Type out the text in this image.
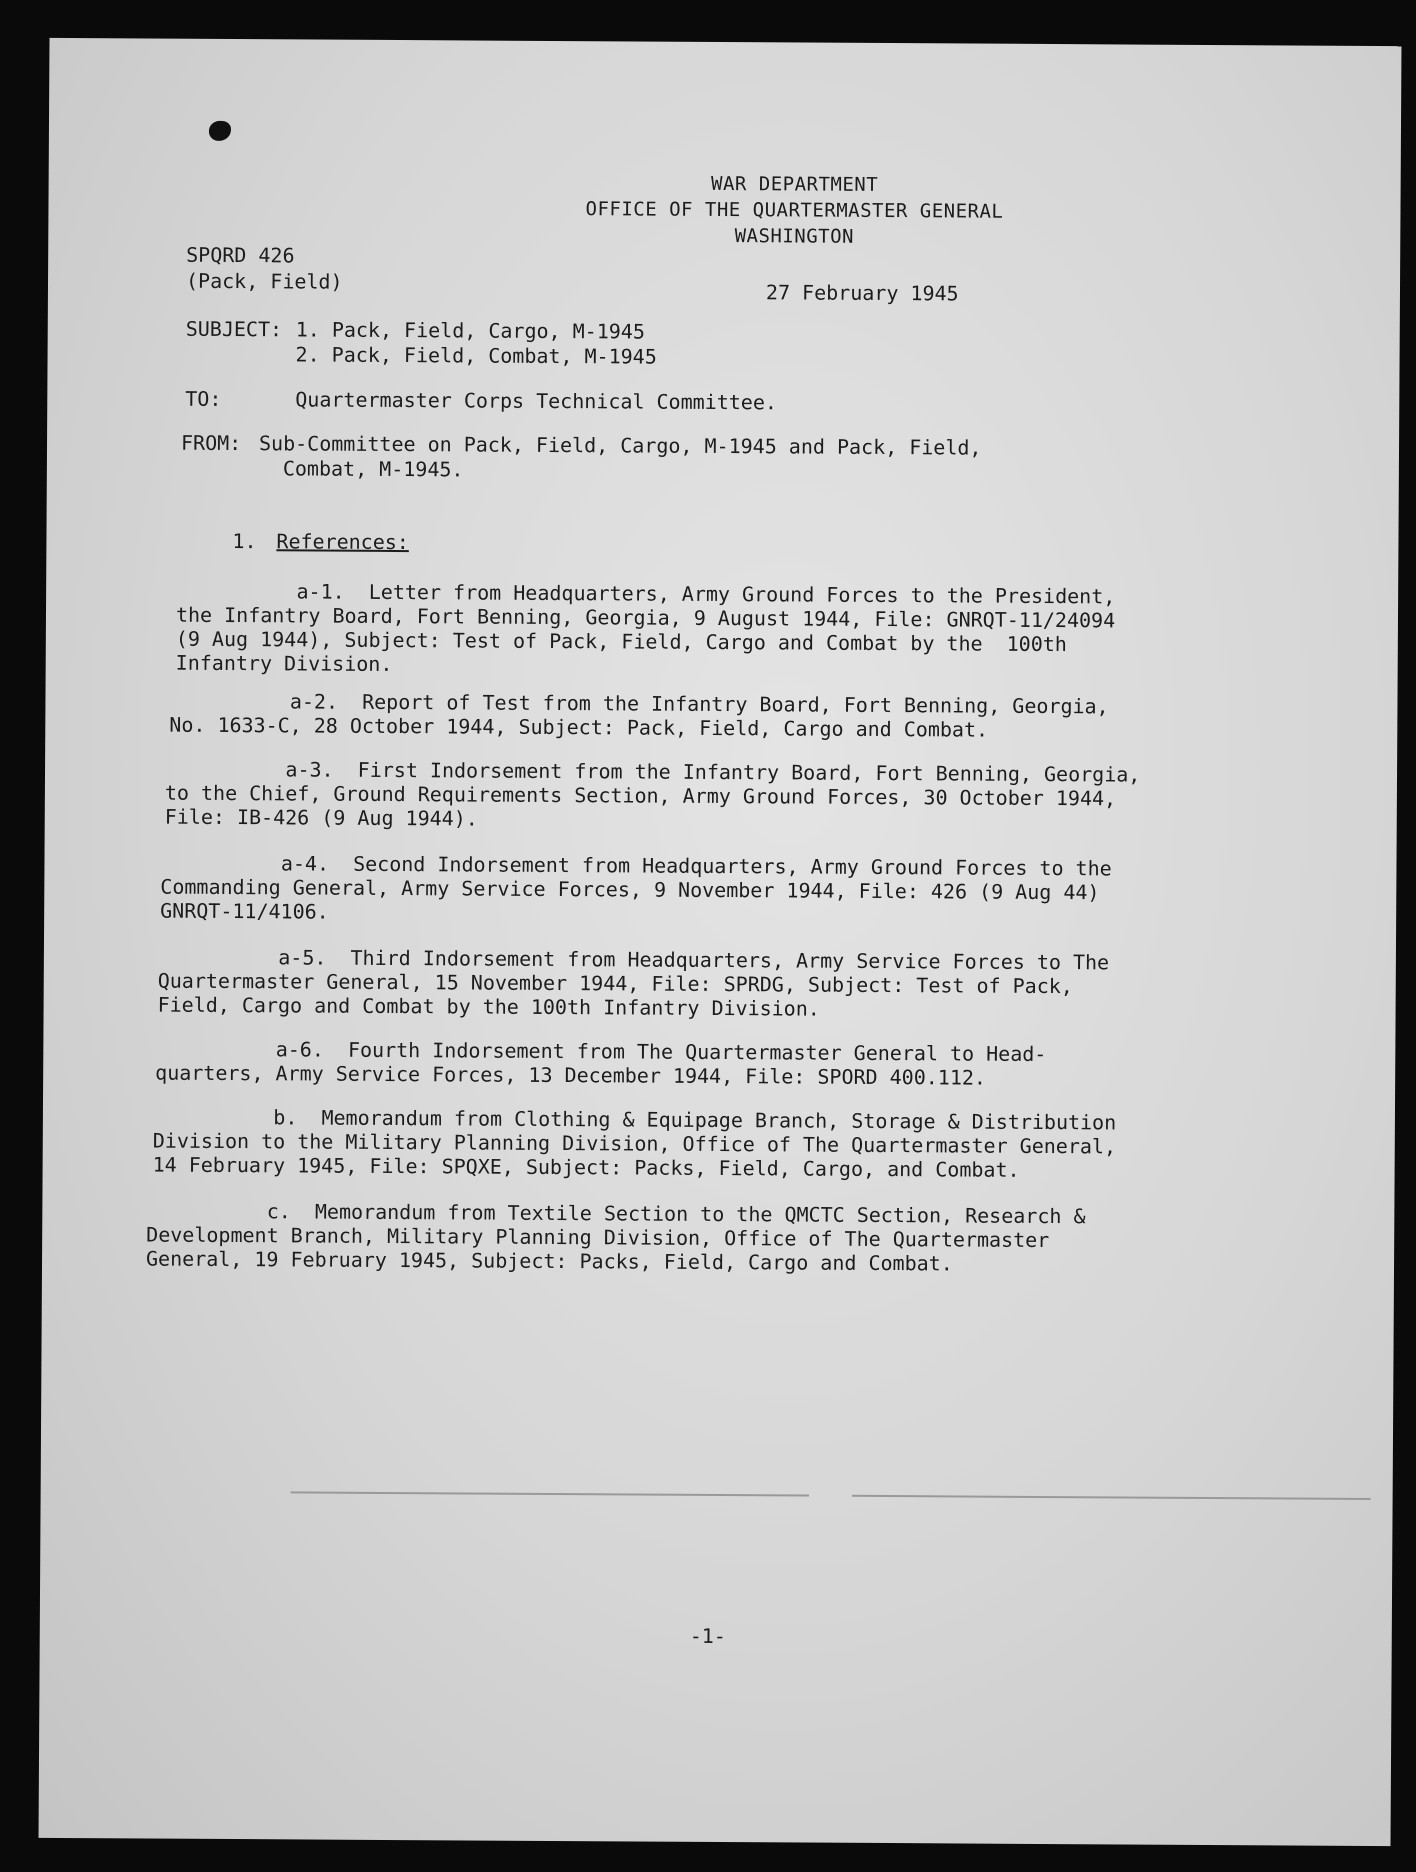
WAR DEPARTMENT
OFFICE OF THE QUARTERMASTER GENERAL
WASHINGTON
SPQRD 426
(Pack, Field)	27 February 1945
SUBJECT: 1. Pack, Field, Cargo, M-1945
2. Pack, Field, Combat, M-1945
TO:	Quartermaster Corps Technical Committee.
FROM: Sub-Committee on Pack, Field, Cargo, M-1945 and Pack, Field,
Combat, M-1945.
1. References:
a-1.  Letter from Headquarters, Army Ground Forces to the President,
the Infantry Board, Fort Benning, Georgia, 9 August 1944, File: GNRQT-11/24094
(9 Aug 1944), Subject: Test of Pack, Field, Cargo and Combat by the  100th
Infantry Division.
a-2.  Report of Test from the Infantry Board, Fort Benning, Georgia,
No. 1633-C, 28 October 1944, Subject: Pack, Field, Cargo and Combat.
a-3.  First Indorsement from the Infantry Board, Fort Benning, Georgia,
to the Chief, Ground Requirements Section, Army Ground Forces, 30 October 1944,
File: IB-426 (9 Aug 1944).
a-4.  Second Indorsement from Headquarters, Army Ground Forces to the
Commanding General, Army Service Forces, 9 November 1944, File: 426 (9 Aug 44)
GNRQT-11/4106.
a-5.  Third Indorsement from Headquarters, Army Service Forces to The
Quartermaster General, 15 November 1944, File: SPRDG, Subject: Test of Pack,
Field, Cargo and Combat by the 100th Infantry Division.
a-6.  Fourth Indorsement from The Quartermaster General to Head-
quarters, Army Service Forces, 13 December 1944, File: SPORD 400.112.
b.  Memorandum from Clothing & Equipage Branch, Storage & Distribution
Division to the Military Planning Division, Office of The Quartermaster General,
14 February 1945, File: SPQXE, Subject: Packs, Field, Cargo, and Combat.
c.  Memorandum from Textile Section to the QMCTC Section, Research &
Development Branch, Military Planning Division, Office of The Quartermaster
General, 19 February 1945, Subject: Packs, Field, Cargo and Combat.
-1-
